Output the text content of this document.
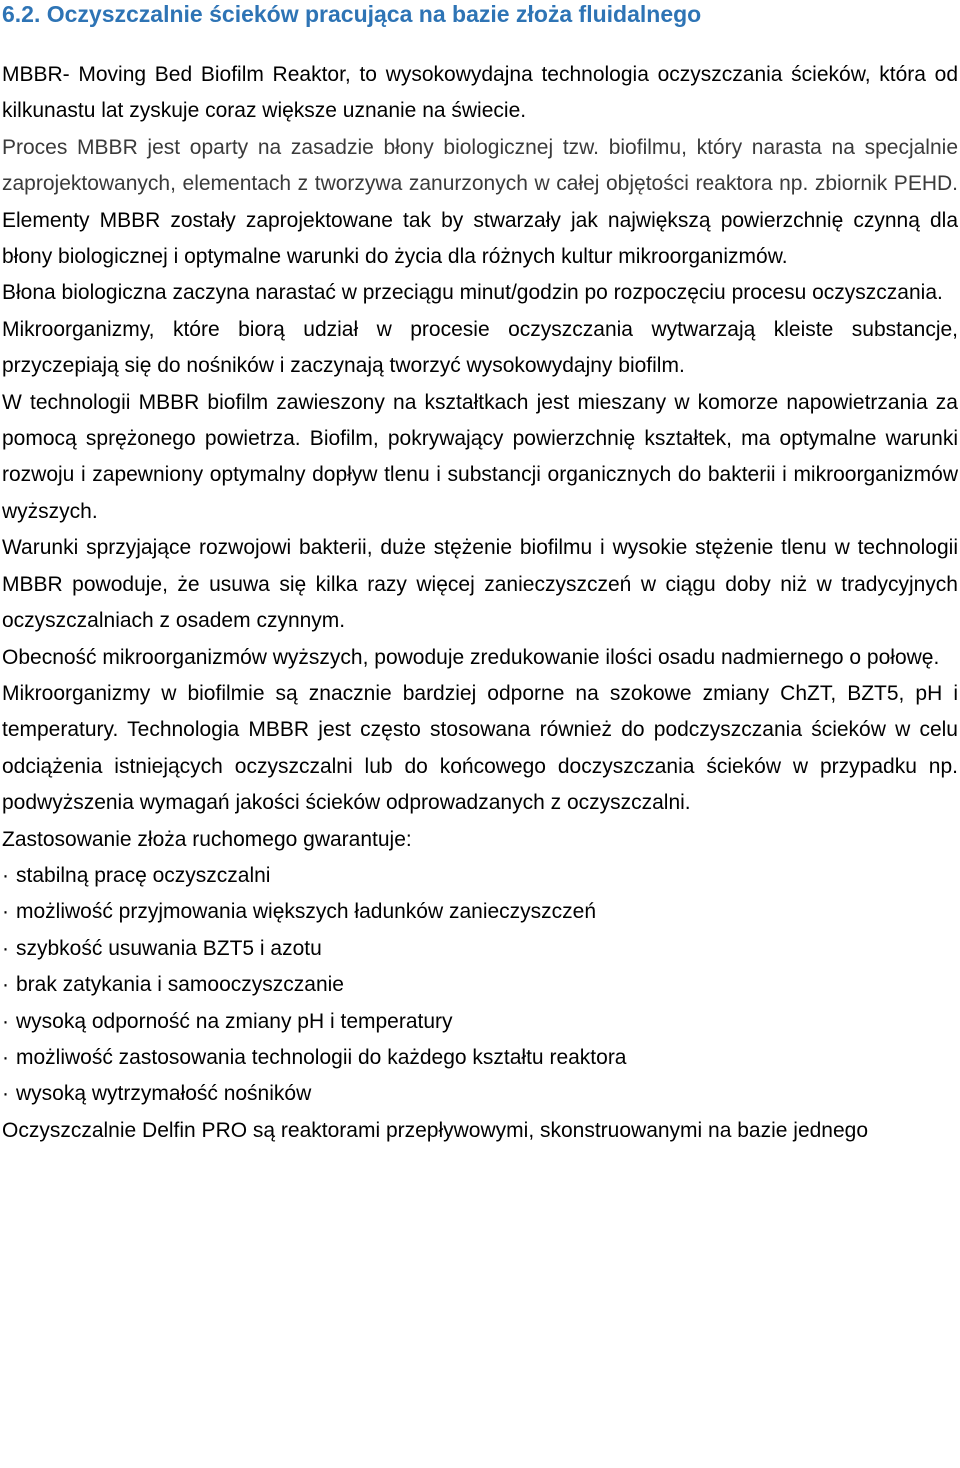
6.2. Oczyszczalnie ścieków pracująca na bazie złoża fluidalnego

MBBR- Moving Bed Biofilm Reaktor, to wysokowydajna technologia oczyszczania ścieków, która od kilkunastu lat zyskuje coraz większe uznanie na świecie.

Proces MBBR jest oparty na zasadzie błony biologicznej tzw. biofilmu, który narasta na specjalnie zaprojektowanych, elementach z tworzywa zanurzonych w całej objętości reaktora np. zbiornik PEHD. Elementy MBBR zostały zaprojektowane tak by stwarzały jak największą powierzchnię czynną dla błony biologicznej i optymalne warunki do życia dla różnych kultur mikroorganizmów.

Błona biologiczna zaczyna narastać w przeciągu minut/godzin po rozpoczęciu procesu oczyszczania.

Mikroorganizmy, które biorą udział w procesie oczyszczania wytwarzają kleiste substancje, przyczepiają się do nośników i zaczynają tworzyć wysokowydajny biofilm.

W technologii MBBR biofilm zawieszony na kształtkach jest mieszany w komorze napowietrzania za pomocą sprężonego powietrza. Biofilm, pokrywający powierzchnię kształtek, ma optymalne warunki rozwoju i zapewniony optymalny dopływ tlenu i substancji organicznych do bakterii i mikroorganizmów wyższych.

Warunki sprzyjające rozwojowi bakterii, duże stężenie biofilmu i wysokie stężenie tlenu w technologii MBBR powoduje, że usuwa się kilka razy więcej zanieczyszczeń w ciągu doby niż w tradycyjnych oczyszczalniach z osadem czynnym.

Obecność mikroorganizmów wyższych, powoduje zredukowanie ilości osadu nadmiernego o połowę.

Mikroorganizmy w biofilmie są znacznie bardziej odporne na szokowe zmiany ChZT, BZT5, pH i temperatury. Technologia MBBR jest często stosowana również do podczyszczania ścieków w celu odciążenia istniejących oczyszczalni lub do końcowego doczyszczania ścieków w przypadku np. podwyższenia wymagań jakości ścieków odprowadzanych z oczyszczalni.

Zastosowanie złoża ruchomego gwarantuje:

· stabilną pracę oczyszczalni
· możliwość przyjmowania większych ładunków zanieczyszczeń
· szybkość usuwania BZT5 i azotu
· brak zatykania i samooczyszczanie
· wysoką odporność na zmiany pH i temperatury
· możliwość zastosowania technologii do każdego kształtu reaktora
· wysoką wytrzymałość nośników

Oczyszczalnie Delfin PRO są reaktorami przepływowymi, skonstruowanymi na bazie jednego
